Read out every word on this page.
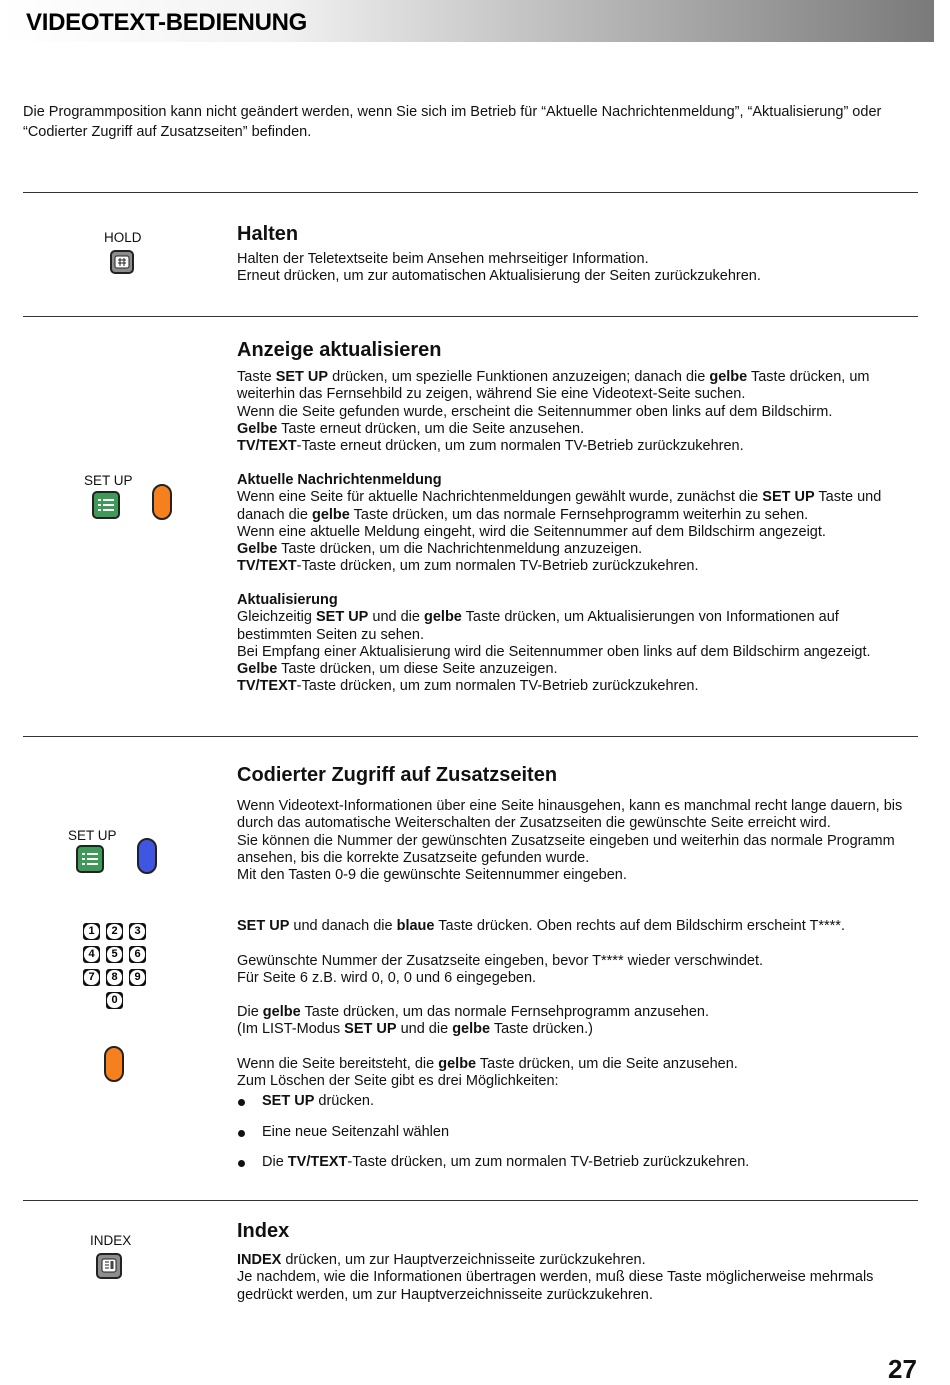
VIDEOTEXT-BEDIENUNG
Die Programmposition kann nicht geändert werden, wenn Sie sich im Betrieb für “Aktuelle Nachrichtenmeldung”, “Aktualisierung” oder “Codierter Zugriff auf Zusatzseiten” befinden.
HOLD	Halten

Halten der Teletextseite beim Ansehen mehrseitiger Information.

Erneut drücken, um zur automatischen Aktualisierung der Seiten zurückzukehren.

Anzeige aktualisieren

Taste SET UP drücken, um spezielle Funktionen anzuzeigen; danach die gelbe Taste drücken, um weiterhin das Fernsehbild zu zeigen, während Sie eine Videotext-Seite suchen.

Wenn die Seite gefunden wurde, erscheint die Seitennummer oben links auf dem Bildschirm.

Gelbe Taste erneut drücken, um die Seite anzusehen.

TV/TEXT-Taste erneut drücken, um zum normalen TV-Betrieb zurückzukehren.

SET UP	Aktuelle Nachrichtenmeldung

Wenn eine Seite für aktuelle Nachrichtenmeldungen gewählt wurde, zunächst die SET UP Taste und danach die gelbe Taste drücken, um das normale Fernsehprogramm weiterhin zu sehen.

Wenn eine aktuelle Meldung eingeht, wird die Seitennummer auf dem Bildschirm angezeigt.

Gelbe Taste drücken, um die Nachrichtenmeldung anzuzeigen.

TV/TEXT-Taste drücken, um zum normalen TV-Betrieb zurückzukehren.

Aktualisierung

Gleichzeitig SET UP und die gelbe Taste drücken, um Aktualisierungen von Informationen auf bestimmten Seiten zu sehen.

Bei Empfang einer Aktualisierung wird die Seitennummer oben links auf dem Bildschirm angezeigt.

Gelbe Taste drücken, um diese Seite anzuzeigen.

TV/TEXT-Taste drücken, um zum normalen TV-Betrieb zurückzukehren.

Codierter Zugriff auf Zusatzseiten

Wenn Videotext-Informationen über eine Seite hinausgehen, kann es manchmal recht lange dauern, bis durch das automatische Weiterschalten der Zusatzseiten die gewünschte Seite erreicht wird.

Sie können die Nummer der gewünschten Zusatzseite eingeben und weiterhin das normale Programm ansehen, bis die korrekte Zusatzseite gefunden wurde.

Mit den Tasten 0-9 die gewünschte Seitennummer eingeben.

SET UP
1	2	3
4	5	6
7	8	9
0

SET UP und danach die blaue Taste drücken. Oben rechts auf dem Bildschirm erscheint T****.

Gewünschte Nummer der Zusatzseite eingeben, bevor T**** wieder verschwindet.

Für Seite 6 z.B. wird 0, 0, 0 und 6 eingegeben.

Die gelbe Taste drücken, um das normale Fernsehprogramm anzusehen.

(Im LIST-Modus SET UP und die gelbe Taste drücken.)

Wenn die Seite bereitsteht, die gelbe Taste drücken, um die Seite anzusehen.

Zum Löschen der Seite gibt es drei Möglichkeiten:

SET UP drücken.
Eine neue Seitenzahl wählen
Die TV/TEXT-Taste drücken, um zum normalen TV-Betrieb zurückzukehren.
INDEX	Index

INDEX drücken, um zur Hauptverzeichnisseite zurückzukehren.

Je nachdem, wie die Informationen übertragen werden, muß diese Taste möglicherweise mehrmals gedrückt werden, um zur Hauptverzeichnisseite zurückzukehren.

27
